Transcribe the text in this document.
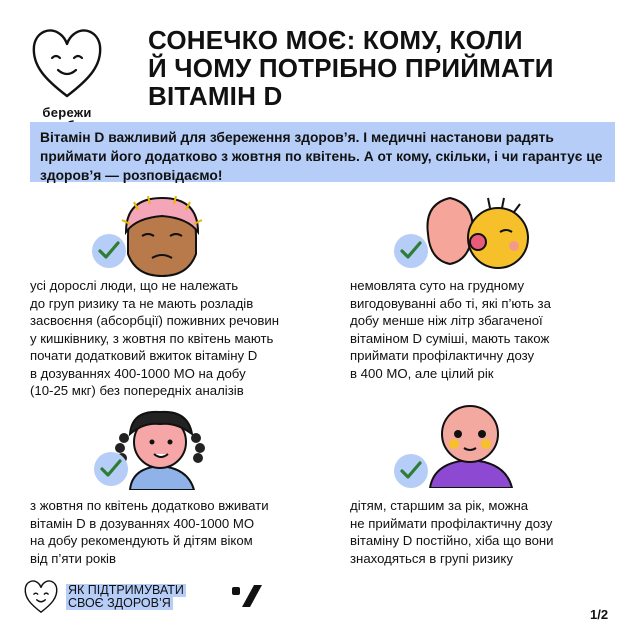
бережи
СОНЕЧКО МОЄ: КОМУ, КОЛИ
Й ЧОМУ ПОТРІБНО ПРИЙМАТИ
ВІТАМІН D

Вітамін D важливий для збереження здоров’я. І медичні настанови радять приймати його додатково з жовтня по квітень. А от кому, скільки, і чи гарантує це здоров’я — розповідаємо!

усі дорослі люди, що не належать
до груп ризику та не мають розладів
засвоєння (абсорбції) поживних речовин
у кишківнику, з жовтня по квітень мають
почати додатковий вжиток вітаміну D
в дозуваннях 400-1000 МО на добу
(10-25 мкг) без попередніх аналізів
немовлята суто на грудному
вигодовуванні або ті, які п’ють за
добу менше ніж літр збагаченої
вітаміном D суміші, мають також
приймати профілактичну дозу
в 400 МО, але цілий рік
з жовтня по квітень додатково вживати
вітамін D в дозуваннях 400-1000 МО
на добу рекомендують й дітям віком
від п’яти років
дітям, старшим за рік, можна
не приймати профілактичну дозу
вітаміну D постійно, хіба що вони
знаходяться в групі ризику
ЯК ПІДТРИМУВАТИ
СВОЄ ЗДОРОВ’Я
1/2
